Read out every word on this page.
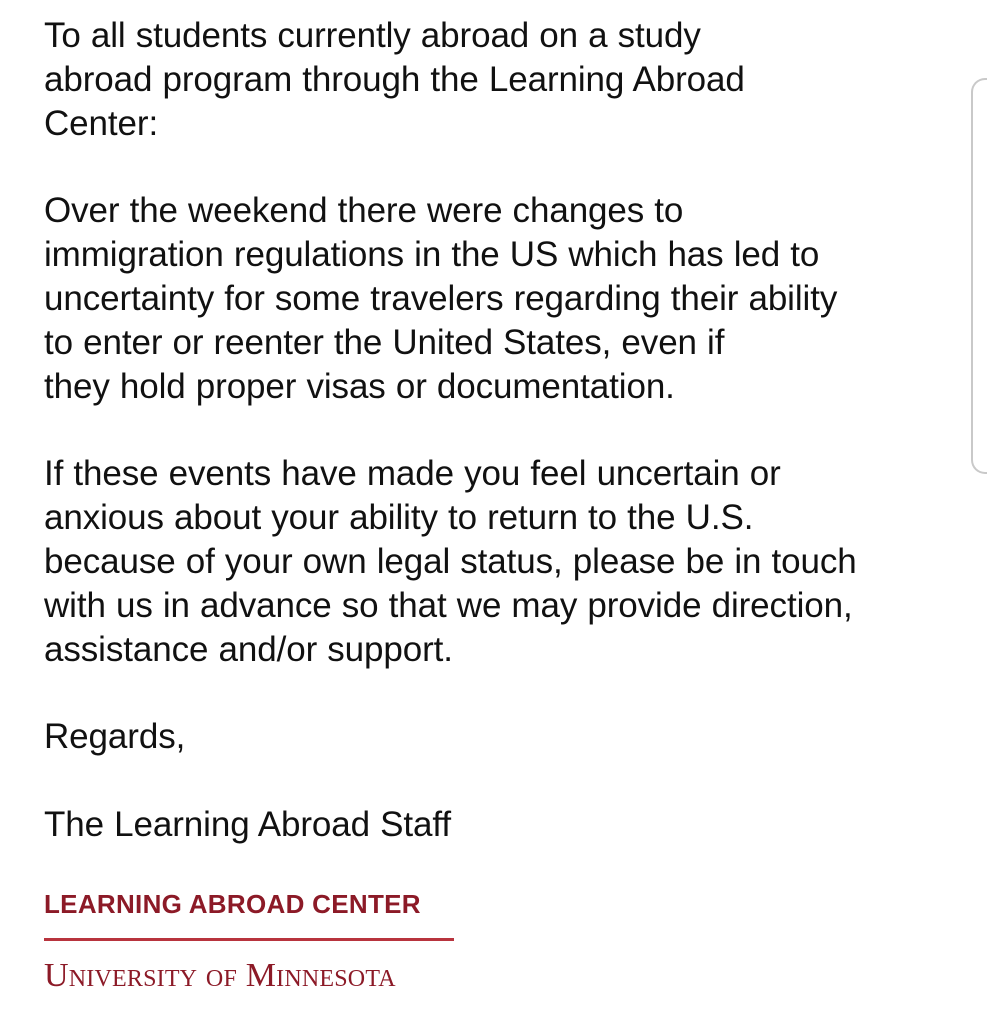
To all students currently abroad on a study
abroad program through the Learning Abroad
Center:

Over the weekend there were changes to
immigration regulations in the US which has led to
uncertainty for some travelers regarding their ability
to enter or reenter the United States, even if
they hold proper visas or documentation.

If these events have made you feel uncertain or
anxious about your ability to return to the U.S.
because of your own legal status, please be in touch
with us in advance so that we may provide direction,
assistance and/or support.

Regards,

The Learning Abroad Staff

LEARNING ABROAD CENTER
University of Minnesota
